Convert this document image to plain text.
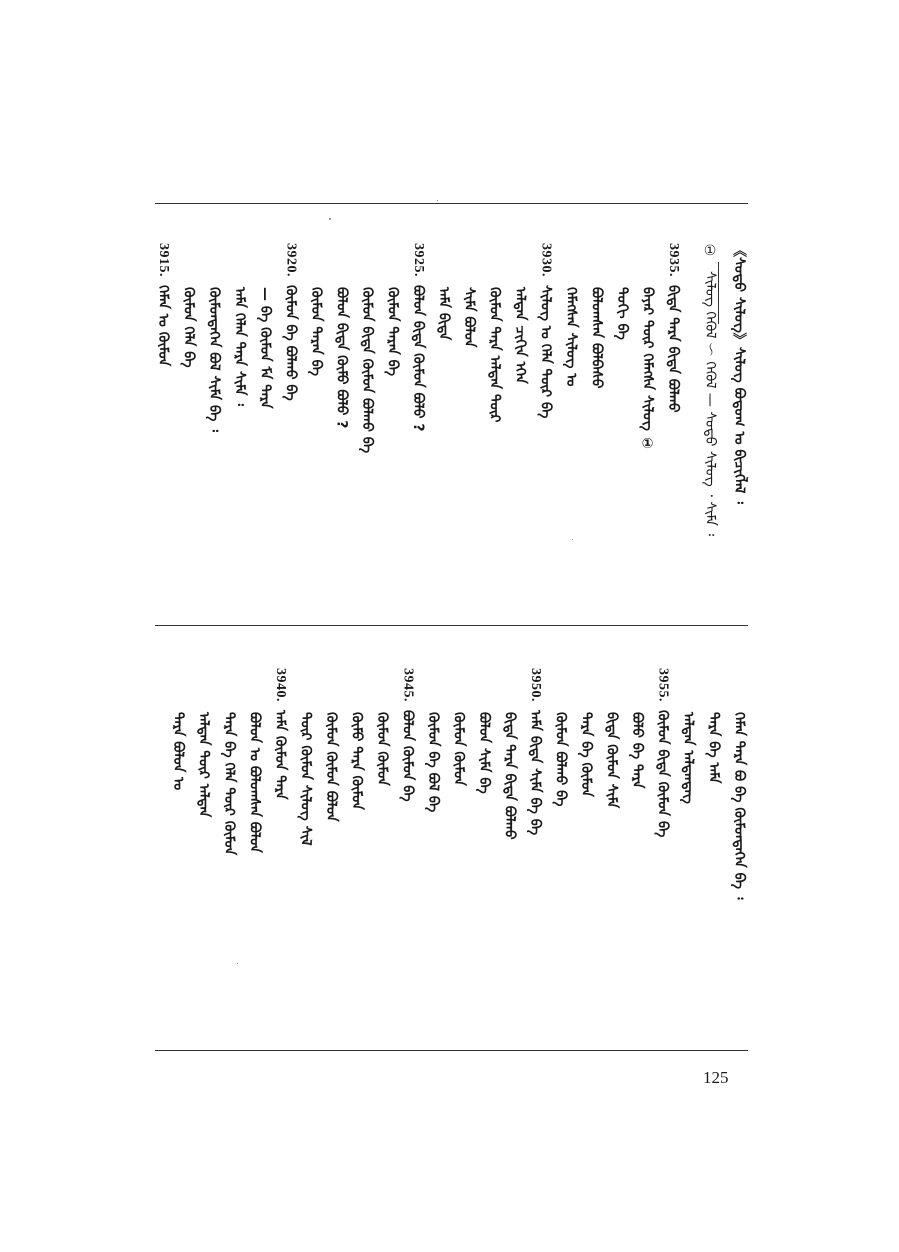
《ᠰᠣᠳᠤ ᠰᠢᠯᠦᠭ》ᠰᠢᠯᠦᠭ ᠪᠣᠳᠤᠭ ᠤ ᠪᠢᠴᠢᠭᠯᠡᠯ ᠄
① ᠰᠢᠯᠦᠭ ᠭᠡᠭᠦᠯ ～ ᠭᠡᠭᠦᠯ — ᠰᠣᠳᠤ ᠰᠢᠯᠦᠭ ᠂ ᠰᠢᠮᠡ ᠄
3935.ᠪᠢᠳᠡ ᠲᠡᠷᠡ ᠪᠢᠳᠡ ᠪᠣᠯᠬᠤ
ᠪᠠᠶᠠᠷ ᠲᠦᠷ ᠬᠡᠮᠡᠭᠰᠡ ᠰᠢᠯᠦᠭ ①
ᠲᠣᠬᠢ ᠪᠡ
ᠪᠣᠯᠣᠭᠰᠠᠨ ᠪᠣᠯᠪᠠᠰᠤ
ᠬᠡᠮᠡᠭᠰᠡᠨ ᠰᠢᠯᠦᠭ ᠤ
3930.ᠰᠢᠯᠦᠭ ᠤ ᠬᠡᠯᠡ ᠲᠦᠷ ᠪᠡ
ᠠᠯᠲᠠᠨ ᠴᠢᠬᠢᠨ ᠡᠭᠡᠨ
ᠬᠦᠮᠦᠨ ᠲᠡᠷᠡ ᠠᠯᠲᠠᠨ ᠲᠦᠷ
ᠰᠢᠮᠡ ᠪᠣᠯᠤᠨ
ᠠᠮᠠ ᠪᠢᠳᠡ
3925.ᠪᠣᠯᠣᠨ ᠪᠢᠳᠡ ᠬᠦᠮᠦᠨ ᠪᠣᠯᠤ ?
ᠬᠦᠮᠦᠨ ᠲᠡᠷᠡᠨ ᠪᠡ
ᠬᠦᠮᠦᠨ ᠪᠢᠳᠡ ᠬᠦᠮᠦᠨ ᠪᠣᠯᠬᠤ ᠪᠠ
ᠪᠣᠯᠣᠨ ᠪᠢᠳᠡ ᠬᠦᠮᠦ ᠪᠣᠯᠤ ?
ᠬᠦᠮᠦᠨ ᠲᠡᠷᠡᠨ ᠪᠡ
3920.ᠬᠦᠮᠦᠨ ᠪᠡ ᠪᠣᠯᠬᠤ ᠪᠠ
— ᠪᠡ ᠬᠦᠮᠦᠨ ᠮᠠ ᠲᠡᠷᠡ
ᠠᠮᠠ ᠬᠡᠯᠡᠨ ᠲᠡᠷᠡ ᠰᠢᠮᠡ ᠄
ᠬᠦᠮᠦᠨᠳᠡᠭᠡᠨ ᠪᠣᠯ ᠰᠢᠮᠡ ᠪᠡ ᠄
ᠬᠦᠮᠦᠨ ᠬᠡᠯᠡ ᠪᠠ
3915.ᠬᠡᠮᠡᠨ ᠤ ᠬᠦᠮᠦᠨ
ᠬᠡᠮᠡᠨ ᠲᠡᠷᠡ ᠪᠣ ᠪᠡ ᠬᠦᠮᠦᠨᠳᠡᠭᠡᠨ ᠪᠡ ᠄
ᠲᠡᠷᠡ ᠪᠡ ᠠᠮᠠ
ᠠᠯᠲᠠᠨ ᠠᠯᠲᠠᠨᠳᠡᠭ
3955.ᠬᠦᠮᠦᠨ ᠪᠢᠳᠡ ᠬᠦᠮᠦᠨ ᠪᠡ
ᠪᠣᠯᠤ ᠪᠡ ᠲᠡᠷᠡ
ᠪᠢᠳᠡ ᠬᠦᠮᠦᠨ ᠰᠢᠮᠡ
ᠲᠡᠷᠡ ᠪᠡ ᠬᠦᠮᠦᠨ
ᠬᠦᠮᠦᠨ ᠪᠣᠯᠬᠤ ᠪᠡ
3950.ᠠᠮᠠ ᠪᠢᠳᠡ ᠰᠢᠮᠡ ᠪᠡ ᠪᠠ
ᠪᠢᠳᠡ ᠲᠡᠷᠡ ᠪᠢᠳᠡ ᠪᠣᠯᠬᠤ
ᠪᠣᠯᠤᠨ ᠰᠢᠮᠡ ᠪᠡ
ᠬᠦᠮᠦᠨ ᠬᠦᠮᠦᠨ
ᠬᠦᠮᠦᠨ ᠪᠠ ᠪᠣᠯ ᠪᠡ
3945.ᠪᠣᠯᠤᠨ ᠬᠦᠮᠦᠨ ᠪᠠ
ᠬᠦᠮᠦᠨ ᠬᠦᠮᠦᠨ
ᠬᠦᠮᠦ ᠲᠡᠷᠡ ᠬᠦᠮᠦᠨ
ᠬᠦᠮᠦᠨ ᠬᠦᠮᠦᠨ ᠪᠣᠯᠤᠨ
ᠲᠦᠷ ᠬᠦᠮᠦᠨ ᠰᠢᠯᠦᠭ ᠰᠢᠯ
3940.ᠠᠮᠠ ᠬᠦᠮᠦᠨ ᠲᠡᠷᠡ
ᠪᠣᠯᠤᠨ ᠤ ᠪᠣᠯᠣᠭᠰᠠᠨ ᠪᠣᠯᠤᠨ
ᠲᠡᠷᠡ ᠪᠡ ᠬᠡᠯᠡ ᠲᠦᠷ ᠬᠦᠮᠦᠨ
ᠠᠯᠲᠠᠨ ᠲᠦᠷ ᠠᠯᠲᠠᠨ
ᠲᠡᠷᠡ ᠪᠣᠯᠤᠨ ᠤ
125
